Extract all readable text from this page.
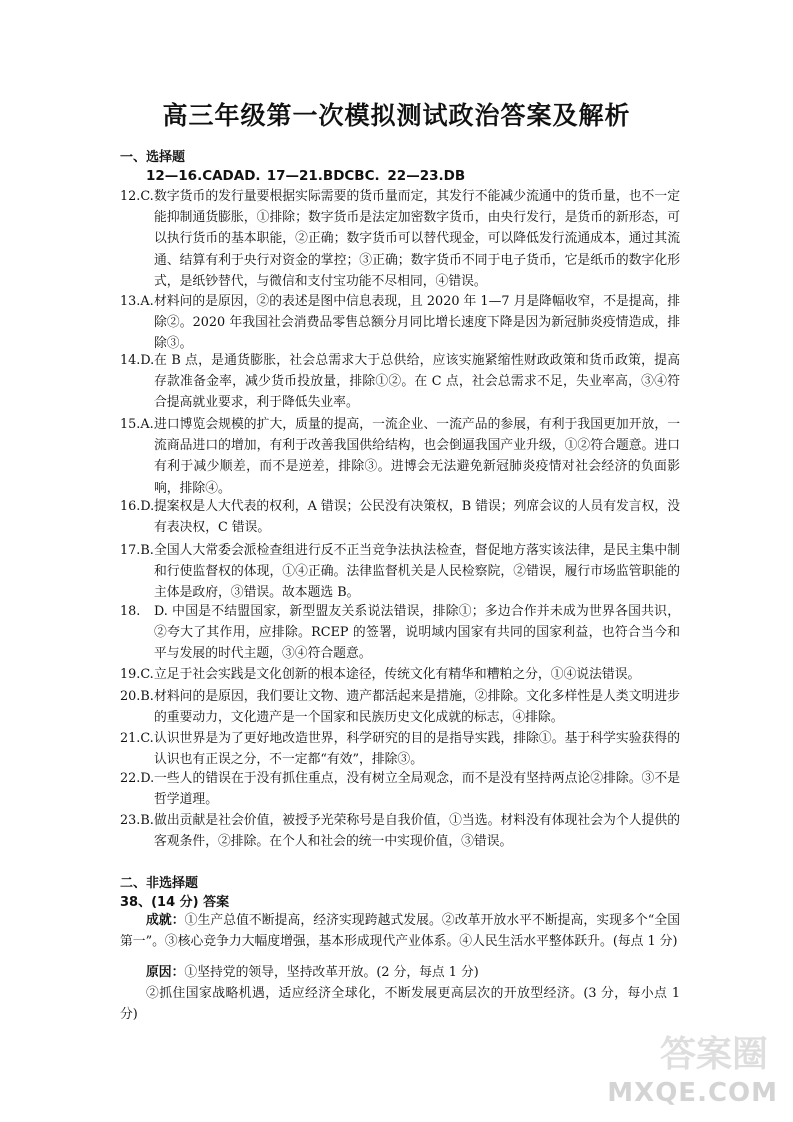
高三年级第一次模拟测试政治答案及解析
一、选择题
12—16.CADAD. 17—21.BDCBC. 22—23.DB
12.C. 数字货币的发行量要根据实际需要的货币量而定，其发行不能减少流通中的货币量，也不一定能抑制通货膨胀，①排除；数字货币是法定加密数字货币，由央行发行，是货币的新形态，可以执行货币的基本职能，②正确；数字货币可以替代现金，可以降低发行流通成本，通过其流通、结算有利于央行对资金的掌控；③正确；数字货币不同于电子货币，它是纸币的数字化形式，是纸钞替代，与微信和支付宝功能不尽相同，④错误。
13.A. 材料问的是原因，②的表述是图中信息表现，且 2020 年 1—7 月是降幅收窄，不是提高，排除②。2020 年我国社会消费品零售总额分月同比增长速度下降是因为新冠肺炎疫情造成，排除③。
14.D. 在 B 点，是通货膨胀，社会总需求大于总供给，应该实施紧缩性财政政策和货币政策，提高存款准备金率，减少货币投放量，排除①②。在 C 点，社会总需求不足，失业率高，③④符合提高就业要求，利于降低失业率。
15.A. 进口博览会规模的扩大，质量的提高，一流企业、一流产品的参展，有利于我国更加开放，一流商品进口的增加，有利于改善我国供给结构，也会倒逼我国产业升级，①②符合题意。进口有利于减少顺差，而不是逆差，排除③。进博会无法避免新冠肺炎疫情对社会经济的负面影响，排除④。
16.D. 提案权是人大代表的权利，A 错误；公民没有决策权，B 错误；列席会议的人员有发言权，没有表决权，C 错误。
17.B. 全国人大常委会派检查组进行反不正当竞争法执法检查，督促地方落实该法律，是民主集中制和行使监督权的体现，①④正确。法律监督机关是人民检察院，②错误，履行市场监管职能的主体是政府，③错误。故本题选 B。
18. D. 中国是不结盟国家，新型盟友关系说法错误，排除①；多边合作并未成为世界各国共识，②夸大了其作用，应排除。RCEP 的签署，说明域内国家有共同的国家利益，也符合当今和平与发展的时代主题，③④符合题意。
19.C. 立足于社会实践是文化创新的根本途径，传统文化有精华和糟粕之分，①④说法错误。
20.B. 材料问的是原因，我们要让文物、遗产都活起来是措施，②排除。文化多样性是人类文明进步的重要动力，文化遗产是一个国家和民族历史文化成就的标志，④排除。
21.C. 认识世界是为了更好地改造世界，科学研究的目的是指导实践，排除①。基于科学实验获得的认识也有正误之分，不一定都“有效”，排除③。
22.D. 一些人的错误在于没有抓住重点，没有树立全局观念，而不是没有坚持两点论②排除。③不是哲学道理。
23.B. 做出贡献是社会价值，被授予光荣称号是自我价值，①当选。材料没有体现社会为个人提供的客观条件，②排除。在个人和社会的统一中实现价值，③错误。
二、非选择题
38、(14 分) 答案
成就：①生产总值不断提高，经济实现跨越式发展。②改革开放水平不断提高，实现多个“全国第一”。③核心竞争力大幅度增强，基本形成现代产业体系。④人民生活水平整体跃升。(每点 1 分)
原因：①坚持党的领导，坚持改革开放。(2 分，每点 1 分)
②抓住国家战略机遇，适应经济全球化，不断发展更高层次的开放型经济。(3 分，每小点 1 分)
答案圈
MXQE.COM
